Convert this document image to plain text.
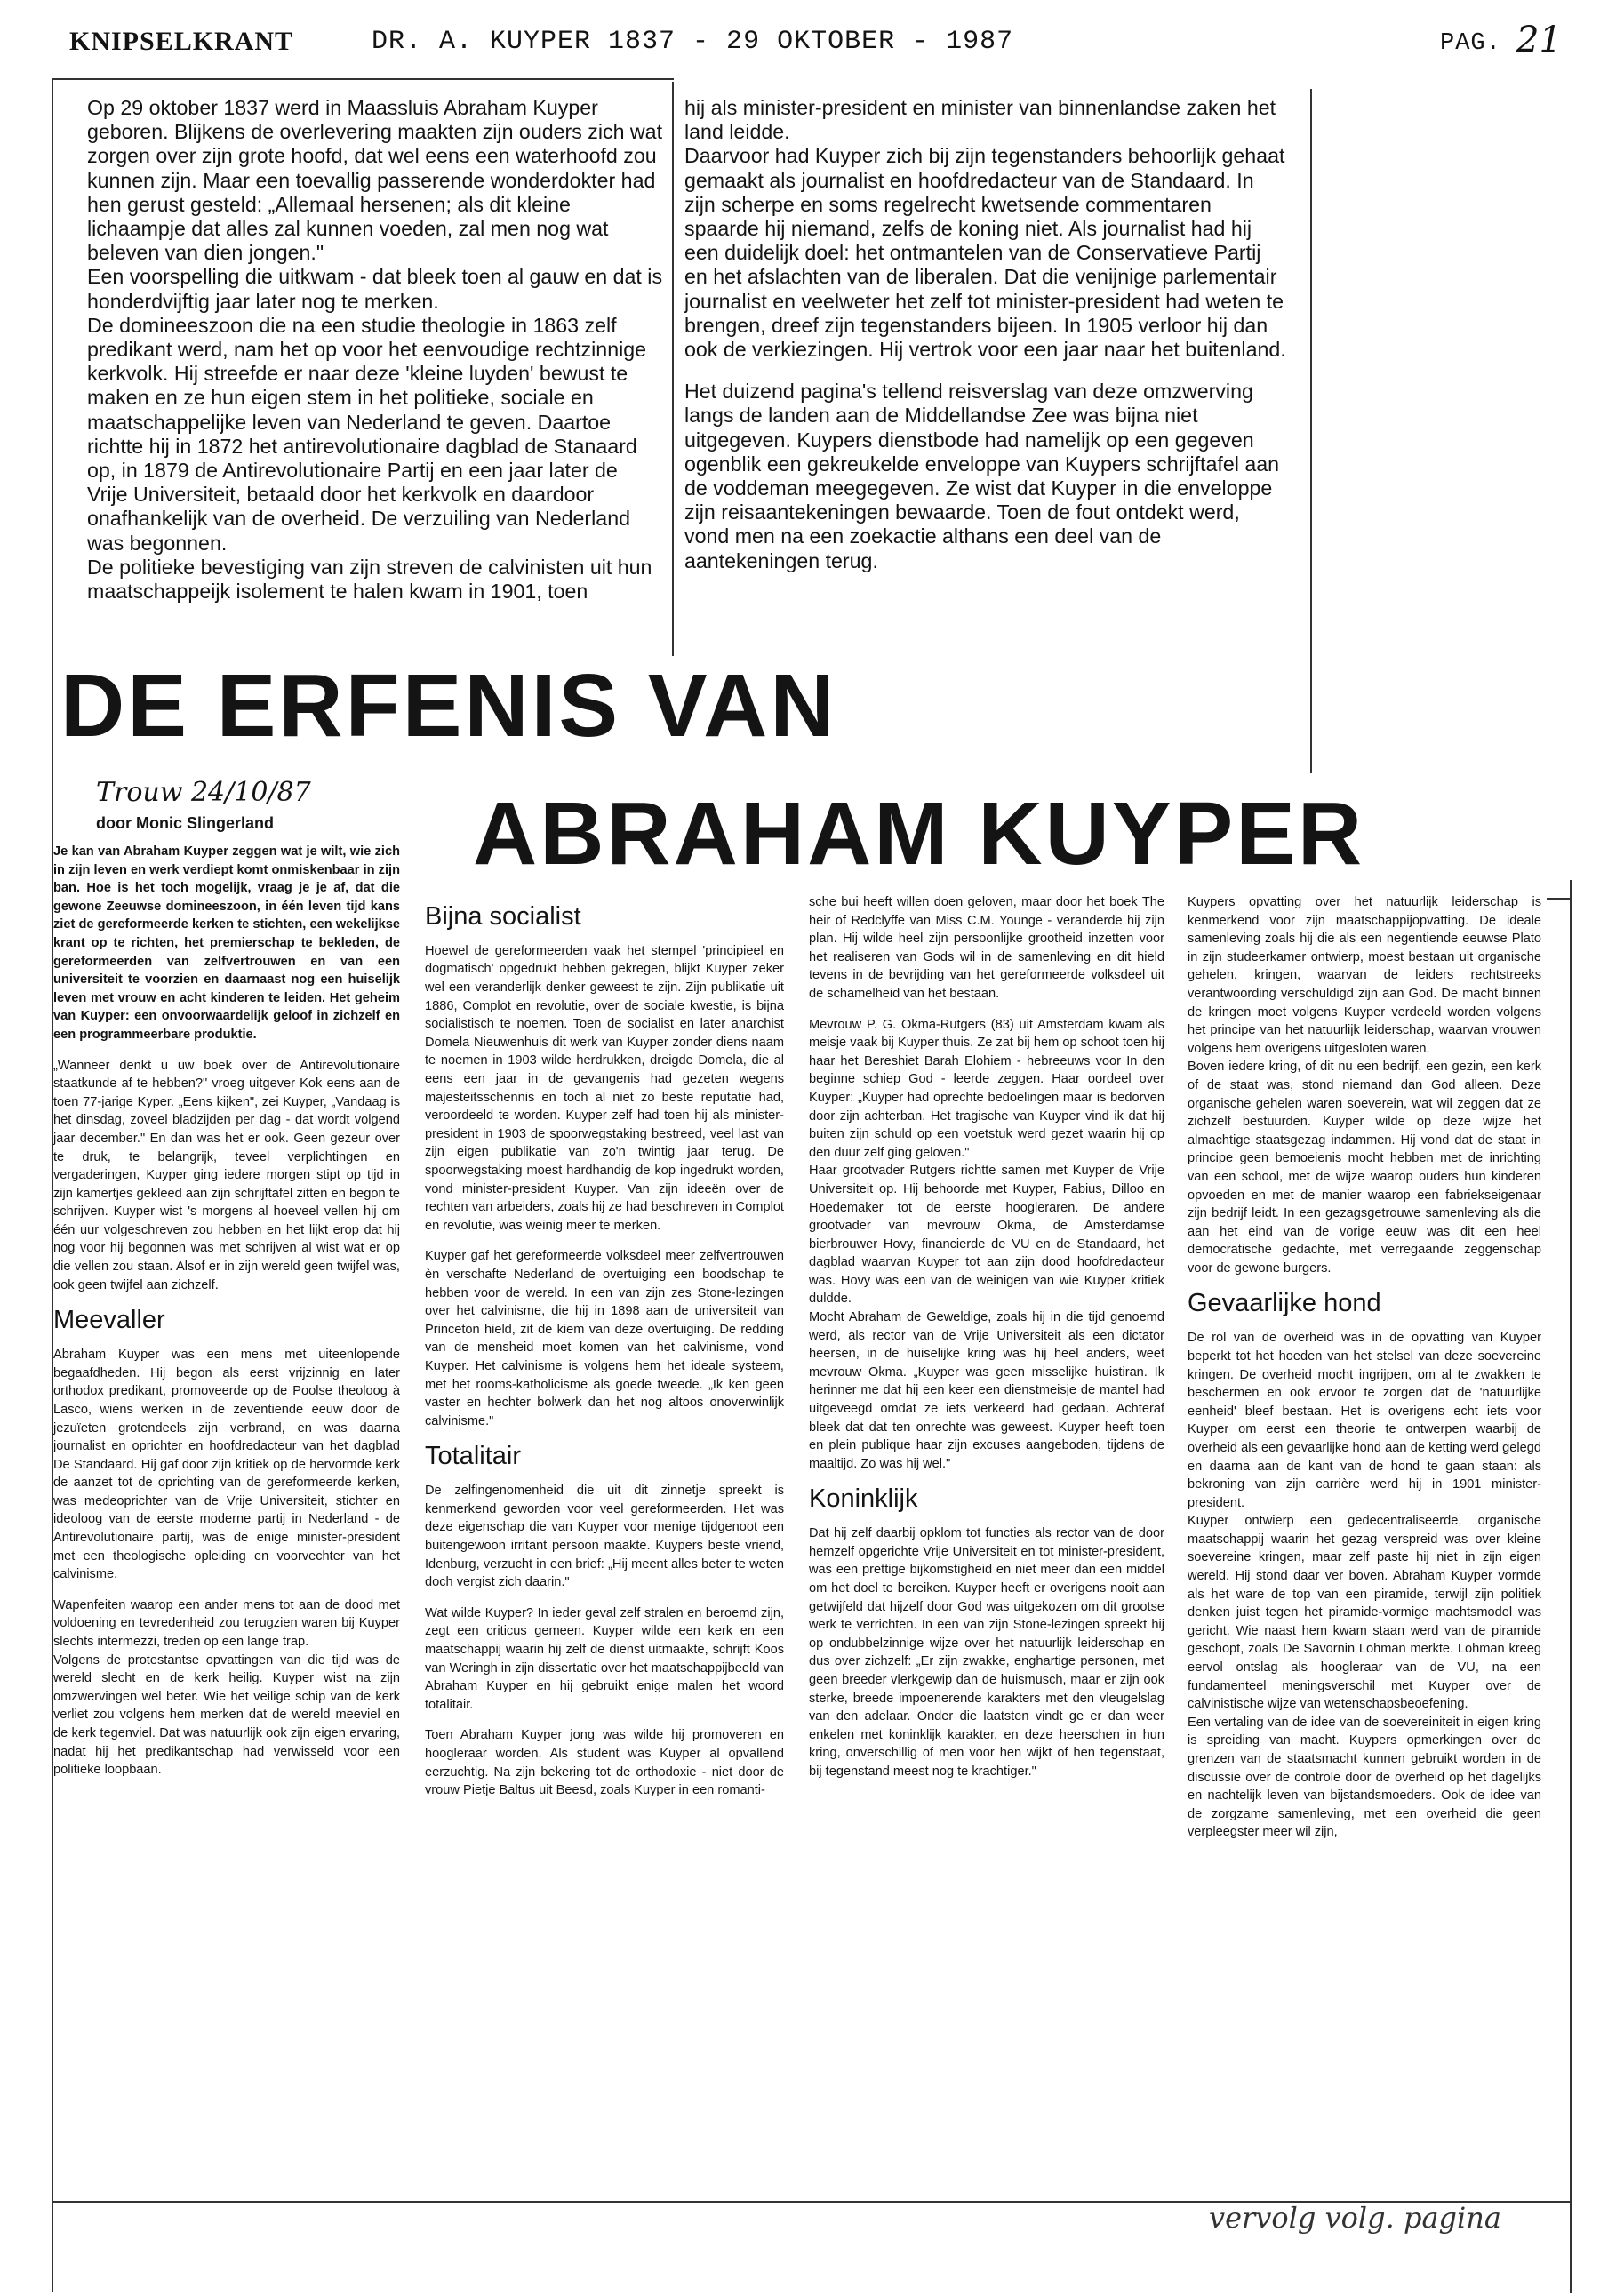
KNIPSELKRANT	DR. A. KUYPER 1837 - 29 OKTOBER - 1987	PAG. 21

Op 29 oktober 1837 werd in Maassluis Abraham Kuyper geboren. Blijkens de overlevering maakten zijn ouders zich wat zorgen over zijn grote hoofd, dat wel eens een waterhoofd zou kunnen zijn. Maar een toevallig passerende wonderdokter had hen gerust gesteld: „Allemaal hersenen; als dit kleine lichaampje dat alles zal kunnen voeden, zal men nog wat beleven van dien jongen."

Een voorspelling die uitkwam - dat bleek toen al gauw en dat is honderdvijftig jaar later nog te merken.

De domineeszoon die na een studie theologie in 1863 zelf predikant werd, nam het op voor het eenvoudige rechtzinnige kerkvolk. Hij streefde er naar deze 'kleine luyden' bewust te maken en ze hun eigen stem in het politieke, sociale en maatschappelijke leven van Nederland te geven. Daartoe richtte hij in 1872 het antirevolutionaire dagblad de Stanaard op, in 1879 de Antirevolutionaire Partij en een jaar later de Vrije Universiteit, betaald door het kerkvolk en daardoor onafhankelijk van de overheid. De verzuiling van Nederland was begonnen.

De politieke bevestiging van zijn streven de calvinisten uit hun maatschappeijk isolement te halen kwam in 1901, toen

hij als minister-president en minister van binnenlandse zaken het land leidde.

Daarvoor had Kuyper zich bij zijn tegenstanders behoorlijk gehaat gemaakt als journalist en hoofdredacteur van de Standaard. In zijn scherpe en soms regelrecht kwetsende commentaren spaarde hij niemand, zelfs de koning niet. Als journalist had hij een duidelijk doel: het ontmantelen van de Conservatieve Partij en het afslachten van de liberalen. Dat die venijnige parlementair journalist en veelweter het zelf tot minister-president had weten te brengen, dreef zijn tegenstanders bijeen. In 1905 verloor hij dan ook de verkiezingen. Hij vertrok voor een jaar naar het buitenland.

Het duizend pagina's tellend reisverslag van deze omzwerving langs de landen aan de Middellandse Zee was bijna niet uitgegeven. Kuypers dienstbode had namelijk op een gegeven ogenblik een gekreukelde enveloppe van Kuypers schrijftafel aan de voddeman meegegeven. Ze wist dat Kuyper in die enveloppe zijn reisaantekeningen bewaarde. Toen de fout ontdekt werd, vond men na een zoekactie althans een deel van de aantekeningen terug.

DE ERFENIS VAN
ABRAHAM KUYPER
Trouw 24/10/87
door Monic Slingerland

Je kan van Abraham Kuyper zeggen wat je wilt, wie zich in zijn leven en werk verdiept komt onmiskenbaar in zijn ban. Hoe is het toch mogelijk, vraag je je af, dat die gewone Zeeuwse domineeszoon, in één leven tijd kans ziet de gereformeerde kerken te stichten, een wekelijkse krant op te richten, het premierschap te bekleden, de gereformeerden van zelfvertrouwen en van een universiteit te voorzien en daarnaast nog een huiselijk leven met vrouw en acht kinderen te leiden. Het geheim van Kuyper: een onvoorwaardelijk geloof in zichzelf en een programmeerbare produktie.

„Wanneer denkt u uw boek over de Antirevolutionaire staatkunde af te hebben?" vroeg uitgever Kok eens aan de toen 77-jarige Kyper. „Eens kijken", zei Kuyper, „Vandaag is het dinsdag, zoveel bladzijden per dag - dat wordt volgend jaar december." En dan was het er ook. Geen gezeur over te druk, te belangrijk, teveel verplichtingen en vergaderingen, Kuyper ging iedere morgen stipt op tijd in zijn kamertjes gekleed aan zijn schrijftafel zitten en begon te schrijven. Kuyper wist 's morgens al hoeveel vellen hij om één uur volgeschreven zou hebben en het lijkt erop dat hij nog voor hij begonnen was met schrijven al wist wat er op die vellen zou staan. Alsof er in zijn wereld geen twijfel was, ook geen twijfel aan zichzelf.

Meevaller

Abraham Kuyper was een mens met uiteenlopende begaafdheden. Hij begon als eerst vrijzinnig en later orthodox predikant, promoveerde op de Poolse theoloog à Lasco, wiens werken in de zeventiende eeuw door de jezuïeten grotendeels zijn verbrand, en was daarna journalist en oprichter en hoofdredacteur van het dagblad De Standaard. Hij gaf door zijn kritiek op de hervormde kerk de aanzet tot de oprichting van de gereformeerde kerken, was medeoprichter van de Vrije Universiteit, stichter en ideoloog van de eerste moderne partij in Nederland - de Antirevolutionaire partij, was de enige minister-president met een theologische opleiding en voorvechter van het calvinisme.

Wapenfeiten waarop een ander mens tot aan de dood met voldoening en tevredenheid zou terugzien waren bij Kuyper slechts intermezzi, treden op een lange trap.

Volgens de protestantse opvattingen van die tijd was de wereld slecht en de kerk heilig. Kuyper wist na zijn omzwervingen wel beter. Wie het veilige schip van de kerk verliet zou volgens hem merken dat de wereld meeviel en de kerk tegenviel. Dat was natuurlijk ook zijn eigen ervaring, nadat hij het predikantschap had verwisseld voor een politieke loopbaan.

Bijna socialist

Hoewel de gereformeerden vaak het stempel 'principieel en dogmatisch' opgedrukt hebben gekregen, blijkt Kuyper zeker wel een veranderlijk denker geweest te zijn. Zijn publikatie uit 1886, Complot en revolutie, over de sociale kwestie, is bijna socialistisch te noemen. Toen de socialist en later anarchist Domela Nieuwenhuis dit werk van Kuyper zonder diens naam te noemen in 1903 wilde herdrukken, dreigde Domela, die al eens een jaar in de gevangenis had gezeten wegens majesteitsschennis en toch al niet zo beste reputatie had, veroordeeld te worden. Kuyper zelf had toen hij als minister-president in 1903 de spoorwegstaking bestreed, veel last van zijn eigen publikatie van zo'n twintig jaar terug. De spoorwegstaking moest hardhandig de kop ingedrukt worden, vond minister-president Kuyper. Van zijn ideeën over de rechten van arbeiders, zoals hij ze had beschreven in Complot en revolutie, was weinig meer te merken.

Kuyper gaf het gereformeerde volksdeel meer zelfvertrouwen èn verschafte Nederland de overtuiging een boodschap te hebben voor de wereld. In een van zijn zes Stone-lezingen over het calvinisme, die hij in 1898 aan de universiteit van Princeton hield, zit de kiem van deze overtuiging. De redding van de mensheid moet komen van het calvinisme, vond Kuyper. Het calvinisme is volgens hem het ideale systeem, met het rooms-katholicisme als goede tweede. „Ik ken geen vaster en hechter bolwerk dan het nog altoos onoverwinlijk calvinisme."

Totalitair

De zelfingenomenheid die uit dit zinnetje spreekt is kenmerkend geworden voor veel gereformeerden. Het was deze eigenschap die van Kuyper voor menige tijdgenoot een buitengewoon irritant persoon maakte. Kuypers beste vriend, Idenburg, verzucht in een brief: „Hij meent alles beter te weten doch vergist zich daarin."

Wat wilde Kuyper? In ieder geval zelf stralen en beroemd zijn, zegt een criticus gemeen. Kuyper wilde een kerk en een maatschappij waarin hij zelf de dienst uitmaakte, schrijft Koos van Weringh in zijn dissertatie over het maatschappijbeeld van Abraham Kuyper en hij gebruikt enige malen het woord totalitair.

Toen Abraham Kuyper jong was wilde hij promoveren en hoogleraar worden. Als student was Kuyper al opvallend eerzuchtig. Na zijn bekering tot de orthodoxie - niet door de vrouw Pietje Baltus uit Beesd, zoals Kuyper in een romanti-

sche bui heeft willen doen geloven, maar door het boek The heir of Redclyffe van Miss C.M. Younge - veranderde hij zijn plan. Hij wilde heel zijn persoonlijke grootheid inzetten voor het realiseren van Gods wil in de samenleving en dit hield tevens in de bevrijding van het gereformeerde volksdeel uit de schamelheid van het bestaan.

Mevrouw P. G. Okma-Rutgers (83) uit Amsterdam kwam als meisje vaak bij Kuyper thuis. Ze zat bij hem op schoot toen hij haar het Bereshiet Barah Elohiem - hebreeuws voor In den beginne schiep God - leerde zeggen. Haar oordeel over Kuyper: „Kuyper had oprechte bedoelingen maar is bedorven door zijn achterban. Het tragische van Kuyper vind ik dat hij buiten zijn schuld op een voetstuk werd gezet waarin hij op den duur zelf ging geloven."

Haar grootvader Rutgers richtte samen met Kuyper de Vrije Universiteit op. Hij behoorde met Kuyper, Fabius, Dilloo en Hoedemaker tot de eerste hoogleraren. De andere grootvader van mevrouw Okma, de Amsterdamse bierbrouwer Hovy, financierde de VU en de Standaard, het dagblad waarvan Kuyper tot aan zijn dood hoofdredacteur was. Hovy was een van de weinigen van wie Kuyper kritiek duldde.

Mocht Abraham de Geweldige, zoals hij in die tijd genoemd werd, als rector van de Vrije Universiteit als een dictator heersen, in de huiselijke kring was hij heel anders, weet mevrouw Okma. „Kuyper was geen misselijke huistiran. Ik herinner me dat hij een keer een dienstmeisje de mantel had uitgeveegd omdat ze iets verkeerd had gedaan. Achteraf bleek dat dat ten onrechte was geweest. Kuyper heeft toen en plein publique haar zijn excuses aangeboden, tijdens de maaltijd. Zo was hij wel."

Koninklijk

Dat hij zelf daarbij opklom tot functies als rector van de door hemzelf opgerichte Vrije Universiteit en tot minister-president, was een prettige bijkomstigheid en niet meer dan een middel om het doel te bereiken. Kuyper heeft er overigens nooit aan getwijfeld dat hijzelf door God was uitgekozen om dit grootse werk te verrichten. In een van zijn Stone-lezingen spreekt hij op ondubbelzinnige wijze over het natuurlijk leiderschap en dus over zichzelf: „Er zijn zwakke, enghartige personen, met geen breeder vlerkgewip dan de huismusch, maar er zijn ook sterke, breede impoenerende karakters met den vleugelslag van den adelaar. Onder die laatsten vindt ge er dan weer enkelen met koninklijk karakter, en deze heerschen in hun kring, onverschillig of men voor hen wijkt of hen tegenstaat, bij tegenstand meest nog te krachtiger."

Kuypers opvatting over het natuurlijk leiderschap is kenmerkend voor zijn maatschappijopvatting. De ideale samenleving zoals hij die als een negentiende eeuwse Plato in zijn studeerkamer ontwierp, moest bestaan uit organische gehelen, kringen, waarvan de leiders rechtstreeks verantwoording verschuldigd zijn aan God. De macht binnen de kringen moet volgens Kuyper verdeeld worden volgens het principe van het natuurlijk leiderschap, waarvan vrouwen volgens hem overigens uitgesloten waren.

Boven iedere kring, of dit nu een bedrijf, een gezin, een kerk of de staat was, stond niemand dan God alleen. Deze organische gehelen waren soeverein, wat wil zeggen dat ze zichzelf bestuurden. Kuyper wilde op deze wijze het almachtige staatsgezag indammen. Hij vond dat de staat in principe geen bemoeienis mocht hebben met de inrichting van een school, met de wijze waarop ouders hun kinderen opvoeden en met de manier waarop een fabriekseigenaar zijn bedrijf leidt. In een gezagsgetrouwe samenleving als die aan het eind van de vorige eeuw was dit een heel democratische gedachte, met verregaande zeggenschap voor de gewone burgers.

Gevaarlijke hond

De rol van de overheid was in de opvatting van Kuyper beperkt tot het hoeden van het stelsel van deze soevereine kringen. De overheid mocht ingrijpen, om al te zwakken te beschermen en ook ervoor te zorgen dat de 'natuurlijke eenheid' bleef bestaan. Het is overigens echt iets voor Kuyper om eerst een theorie te ontwerpen waarbij de overheid als een gevaarlijke hond aan de ketting werd gelegd en daarna aan de kant van de hond te gaan staan: als bekroning van zijn carrière werd hij in 1901 minister-president.

Kuyper ontwierp een gedecentraliseerde, organische maatschappij waarin het gezag verspreid was over kleine soevereine kringen, maar zelf paste hij niet in zijn eigen wereld. Hij stond daar ver boven. Abraham Kuyper vormde als het ware de top van een piramide, terwijl zijn politiek denken juist tegen het piramide-vormige machtsmodel was gericht. Wie naast hem kwam staan werd van de piramide geschopt, zoals De Savornin Lohman merkte. Lohman kreeg eervol ontslag als hoogleraar van de VU, na een fundamenteel meningsverschil met Kuyper over de calvinistische wijze van wetenschapsbeoefening.

Een vertaling van de idee van de soevereiniteit in eigen kring is spreiding van macht. Kuypers opmerkingen over de grenzen van de staatsmacht kunnen gebruikt worden in de discussie over de controle door de overheid op het dagelijks en nachtelijk leven van bijstandsmoeders. Ook de idee van de zorgzame samenleving, met een overheid die geen verpleegster meer wil zijn,

vervolg volg. pagina
